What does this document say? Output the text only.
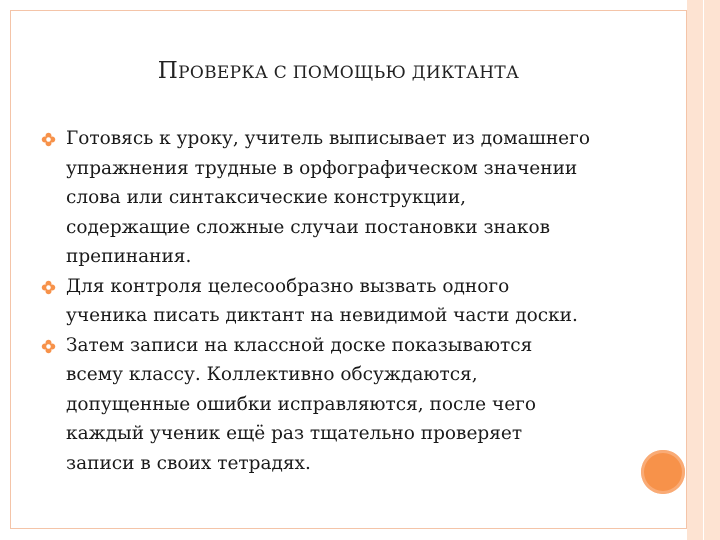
ПРОВЕРКА С ПОМОЩЬЮ ДИКТАНТА
Готовясь к уроку, учитель выписывает из домашнего
упражнения трудные в орфографическом значении
слова или синтаксические конструкции,
содержащие сложные случаи постановки знаков
препинания.
Для контроля целесообразно вызвать одного
ученика писать диктант на невидимой части доски.
Затем записи на классной доске показываются
всему классу. Коллективно обсуждаются,
допущенные ошибки исправляются, после чего
каждый ученик ещё раз тщательно проверяет
записи в своих тетрадях.
